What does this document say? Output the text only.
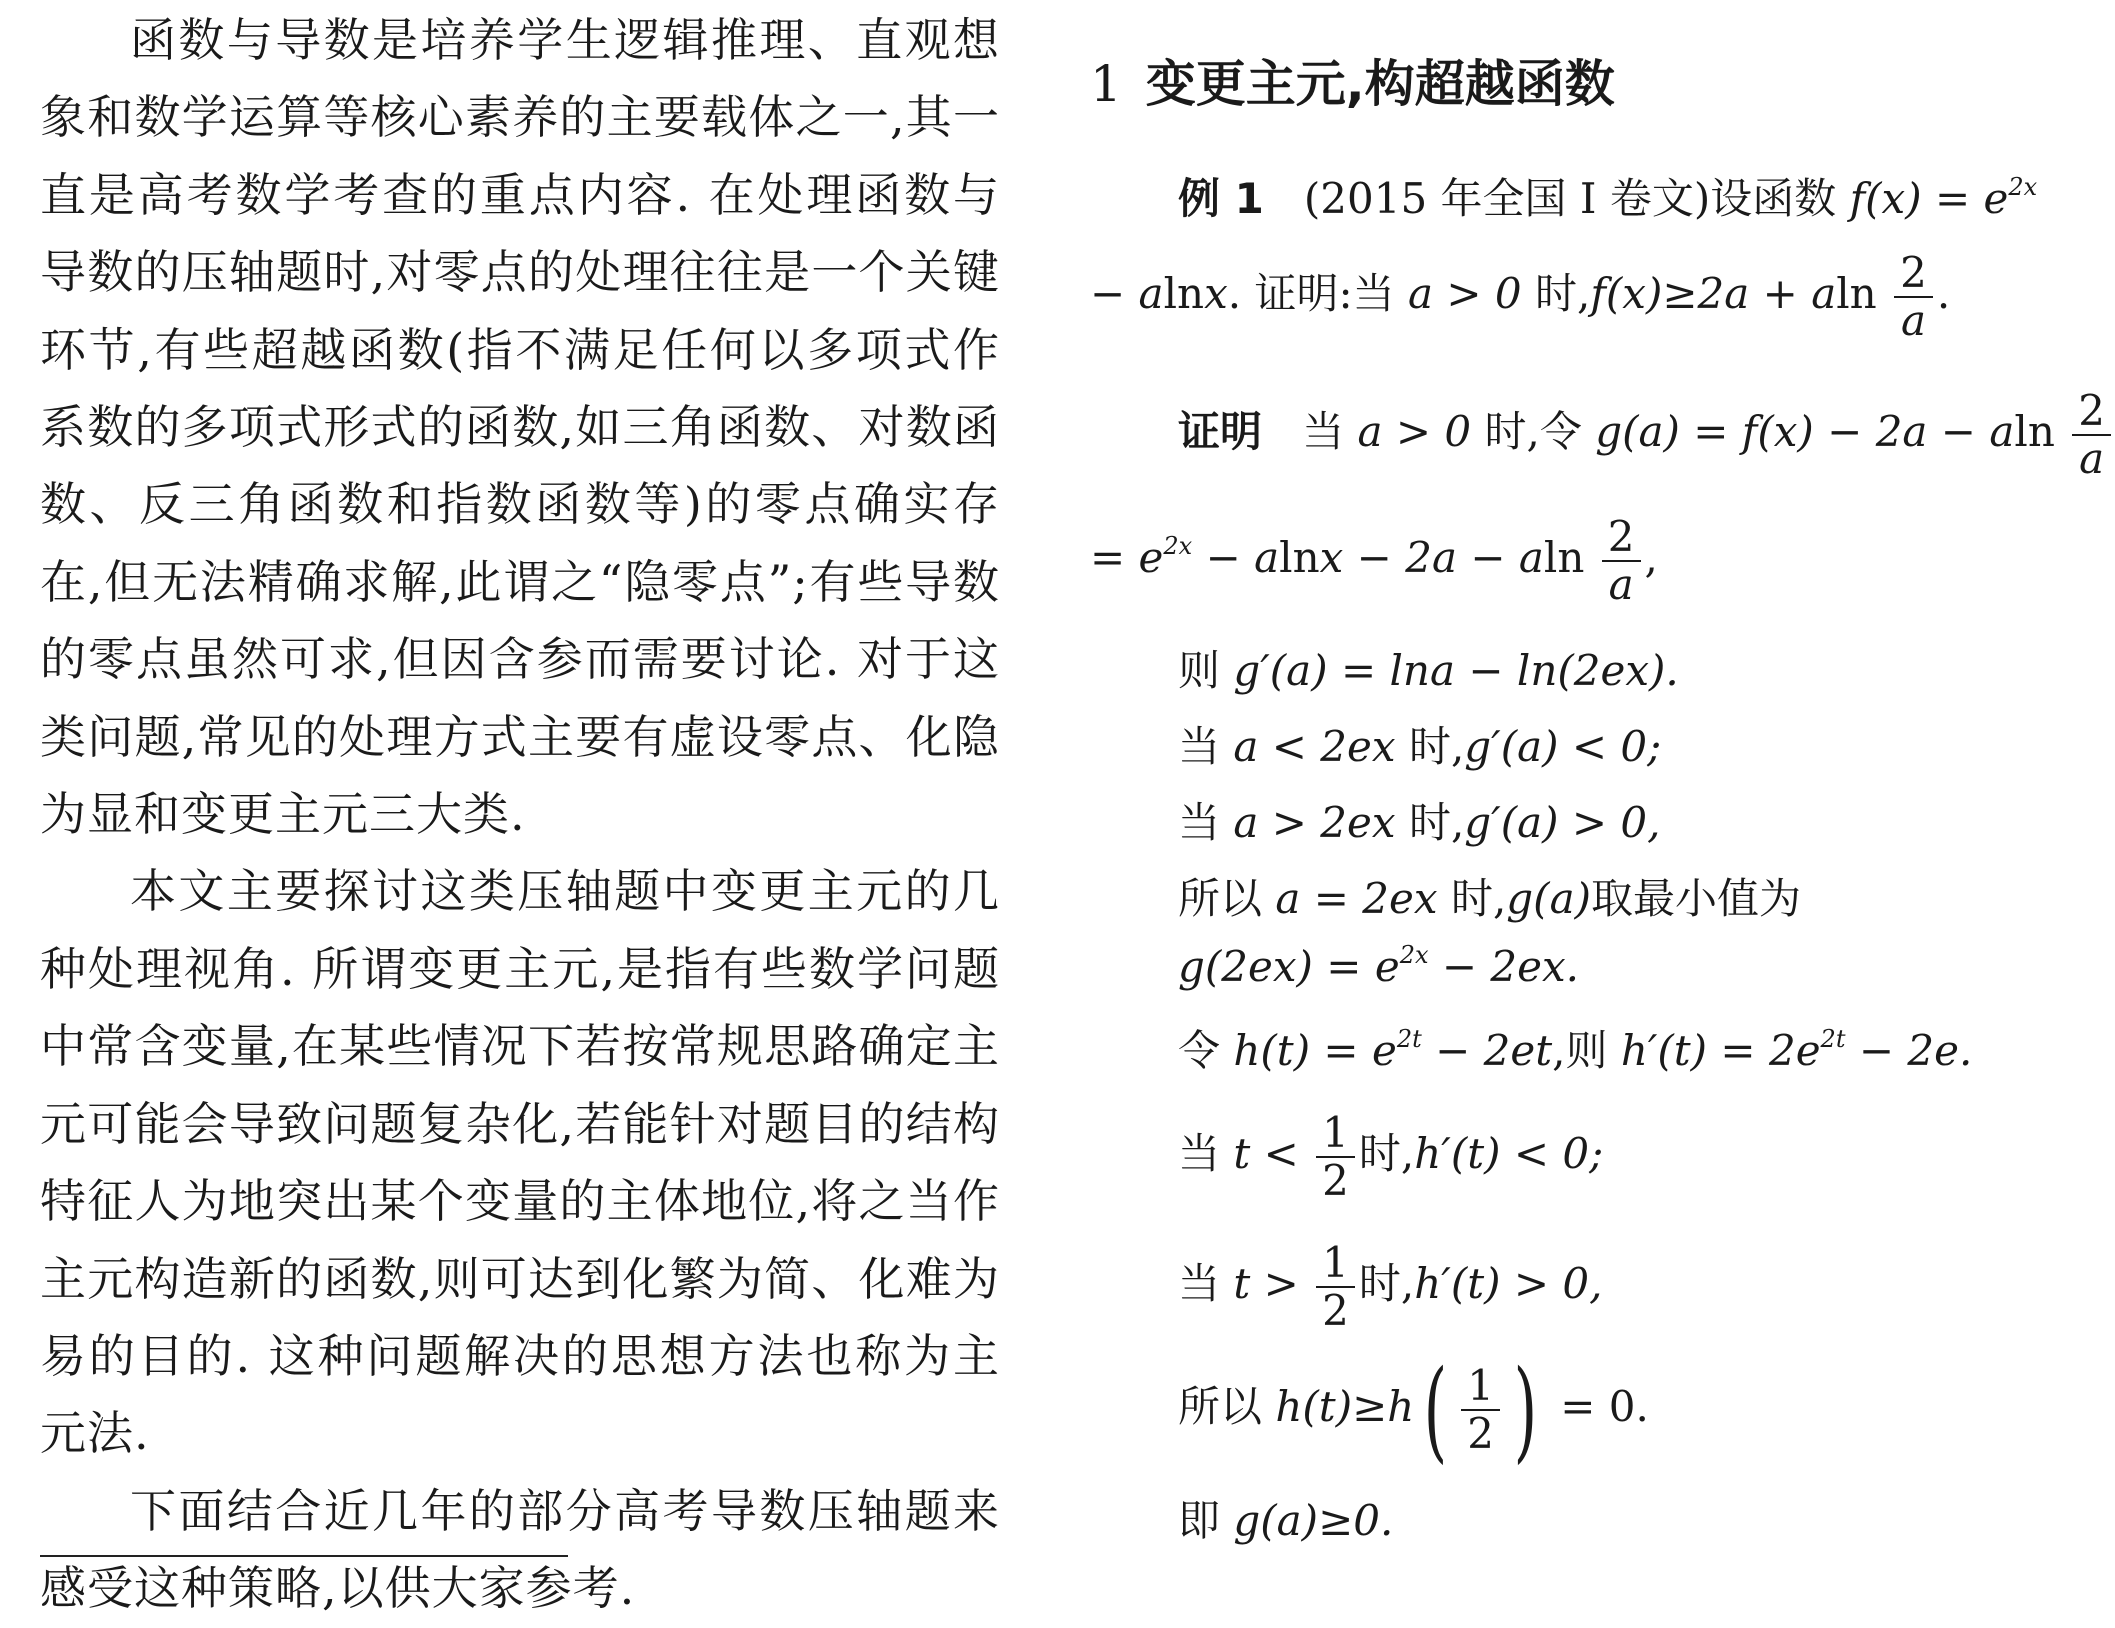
函数与导数是培养学生逻辑推理、直观想象和数学运算等核心素养的主要载体之一,其一直是高考数学考查的重点内容. 在处理函数与导数的压轴题时,对零点的处理往往是一个关键环节,有些超越函数(指不满足任何以多项式作系数的多项式形式的函数,如三角函数、对数函数、反三角函数和指数函数等)的零点确实存在,但无法精确求解,此谓之“隐零点”;有些导数的零点虽然可求,但因含参而需要讨论. 对于这类问题,常见的处理方式主要有虚设零点、化隐为显和变更主元三大类.

本文主要探讨这类压轴题中变更主元的几种处理视角. 所谓变更主元,是指有些数学问题中常含变量,在某些情况下若按常规思路确定主元可能会导致问题复杂化,若能针对题目的结构特征人为地突出某个变量的主体地位,将之当作主元构造新的函数,则可达到化繁为简、化难为易的目的. 这种问题解决的思想方法也称为主元法.

下面结合近几年的部分高考导数压轴题来感受这种策略,以供大家参考.

1 变更主元,构超越函数
例 1 (2015 年全国 Ⅰ 卷文)设函数 $f(x) = e^{2x}$
− alnx. 证明:当 a > 0 时,f(x)≥2a + aln $\frac{2}{a}$ .
证明 当 a > 0 时,令 g(a) = f(x) − 2a − aln $\frac{2}{a}$
= $e^{2x} - alnx - 2a - aln \frac{2}{a}$ ,
则 g′(a) = lna − ln(2ex).
当 a < 2ex 时,g′(a) < 0;
当 a > 2ex 时,g′(a) > 0,
所以 a = 2ex 时,g(a)取最小值为
$g(2ex) = e^{2x} - 2ex$.
令 $h(t) = e^{2t} - 2et$,则 $h'(t) = 2e^{2t} - 2e$.
当 $t < \frac{1}{2}$ 时,h′(t) < 0;
当 $t > \frac{1}{2}$ 时,h′(t) > 0,
所以 $h(t)\ge h( \frac{1}{2}$ ) = 0.
即 g(a)≥0.
